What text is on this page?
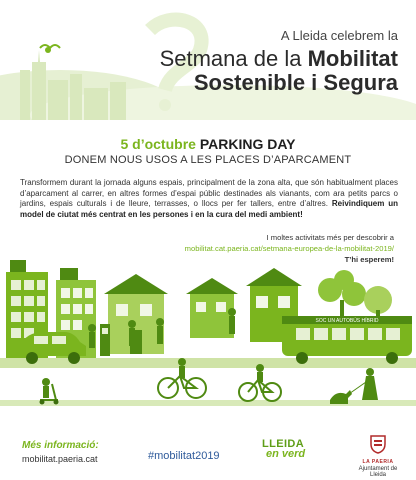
A Lleida celebrem la
Setmana de la Mobilitat
Sostenible i Segura
5 d’octubre PARKING DAY
DONEM NOUS USOS A LES PLACES D’APARCAMENT
Transformem durant la jornada alguns espais, principalment de la zona alta, que són habitualment places d’aparcament al carrer, en altres formes d’espai públic destinades als vianants, com ara petits parcs o jardins, espais culturals i de lleure, terrasses, o llocs per fer tallers, entre d’altres. Reivindiquem un model de ciutat més centrat en les persones i en la cura del medi ambient!
I moltes activitats més per descobrir a
mobilitat.cat.paeria.cat/setmana-europea-de-la-mobilitat-2019/
T’hi esperem!
SOC UN AUTOBÚS HÍBRID
Més informació:
mobilitat.paeria.cat	#mobilitat2019
LLEIDA
en verd
LA PAERIA
Ajuntament de Lleida
